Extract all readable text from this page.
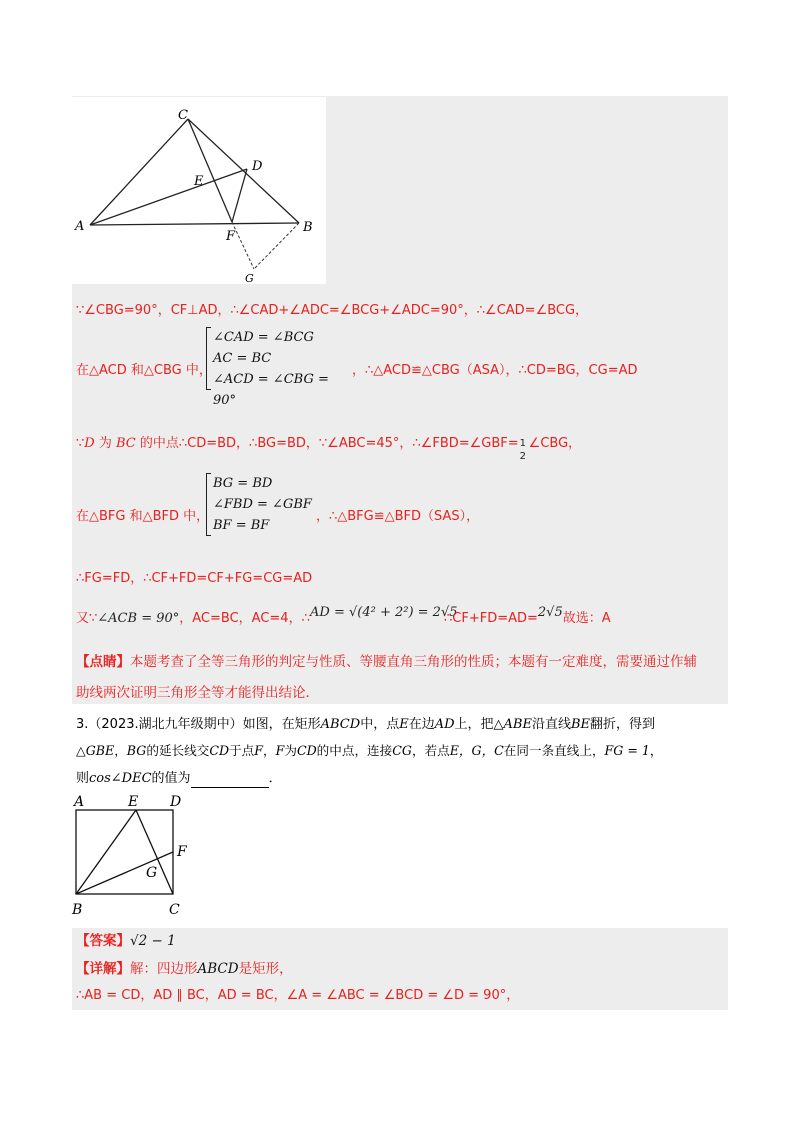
A	B
C
D
E
F
G
∵∠CBG=90°，CF⊥AD，∴∠CAD+∠ADC=∠BCG+∠ADC=90°，∴∠CAD=∠BCG，
在△ACD 和△CBG 中，
∠CAD = ∠BCG
AC = BC
∠ACD = ∠CBG = 90°
，∴△ACD≌△CBG（ASA），∴CD=BG，CG=AD
∵D 为 BC 的中点∴CD=BD，∴BG=BD，∵∠ABC=45°，∴∠FBD=∠GBF= 1
2
∠CBG，
在△BFG 和△BFD 中，
BG = BD
∠FBD = ∠GBF
BF = BF
，∴△BFG≌△BFD（SAS），
∴FG=FD，∴CF+FD=CF+FG=CG=AD
又∵∠ACB = 90°，AC=BC，AC=4，∴ AD = √(4² + 2²) = 2√5
∴CF+FD=AD=2√5故选：A
【点睛】本题考查了全等三角形的判定与性质、等腰直角三角形的性质；本题有一定难度，需要通过作辅
助线两次证明三角形全等才能得出结论．
3.（2023.湖北九年级期中）如图，在矩形ABCD中，点E在边AD上，把△ABE沿直线BE翻折，得到
△GBE，BG的延长线交CD于点F，F为CD的中点，连接CG，若点E，G，C在同一条直线上，FG = 1，
则cos∠DEC的值为	．
A	E D
F
G
B	C
【答案】√2 − 1
【详解】解：四边形ABCD是矩形，
∴AB = CD，AD ∥ BC，AD = BC，∠A = ∠ABC = ∠BCD = ∠D = 90°，
